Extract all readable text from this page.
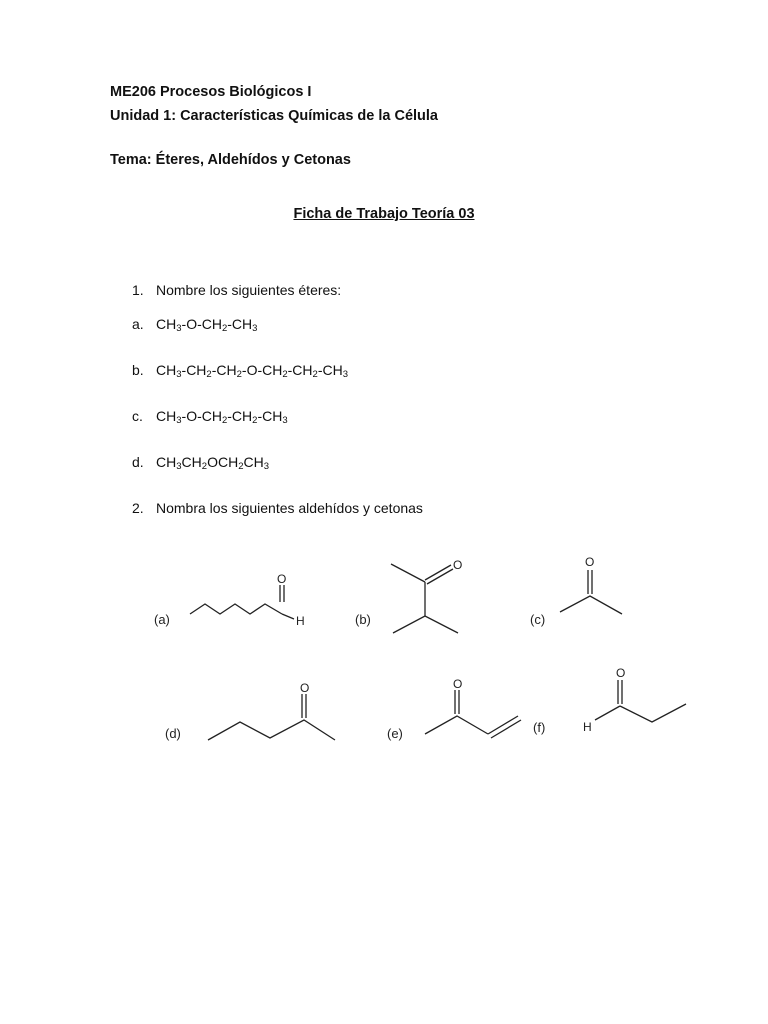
ME206 Procesos Biológicos I

Unidad 1: Características Químicas de la Célula

Tema: Éteres, Aldehídos y Cetonas

Ficha de Trabajo Teoría 03
1. Nombre los siguientes éteres:
a. $CH_3-O-CH_2-CH_3$
b. $CH_3-CH_2-CH_2-O-CH_2-CH_2-CH_3$
c. $CH_3-O-CH_2-CH_2-CH_3$
d. $CH_3CH_2OCH_2CH_3$
2. Nombra los siguientes aldehídos y cetonas
(a)
O
H	(b)
O
(c)
O
(d)
O
(e)
O
(f)
O
H
